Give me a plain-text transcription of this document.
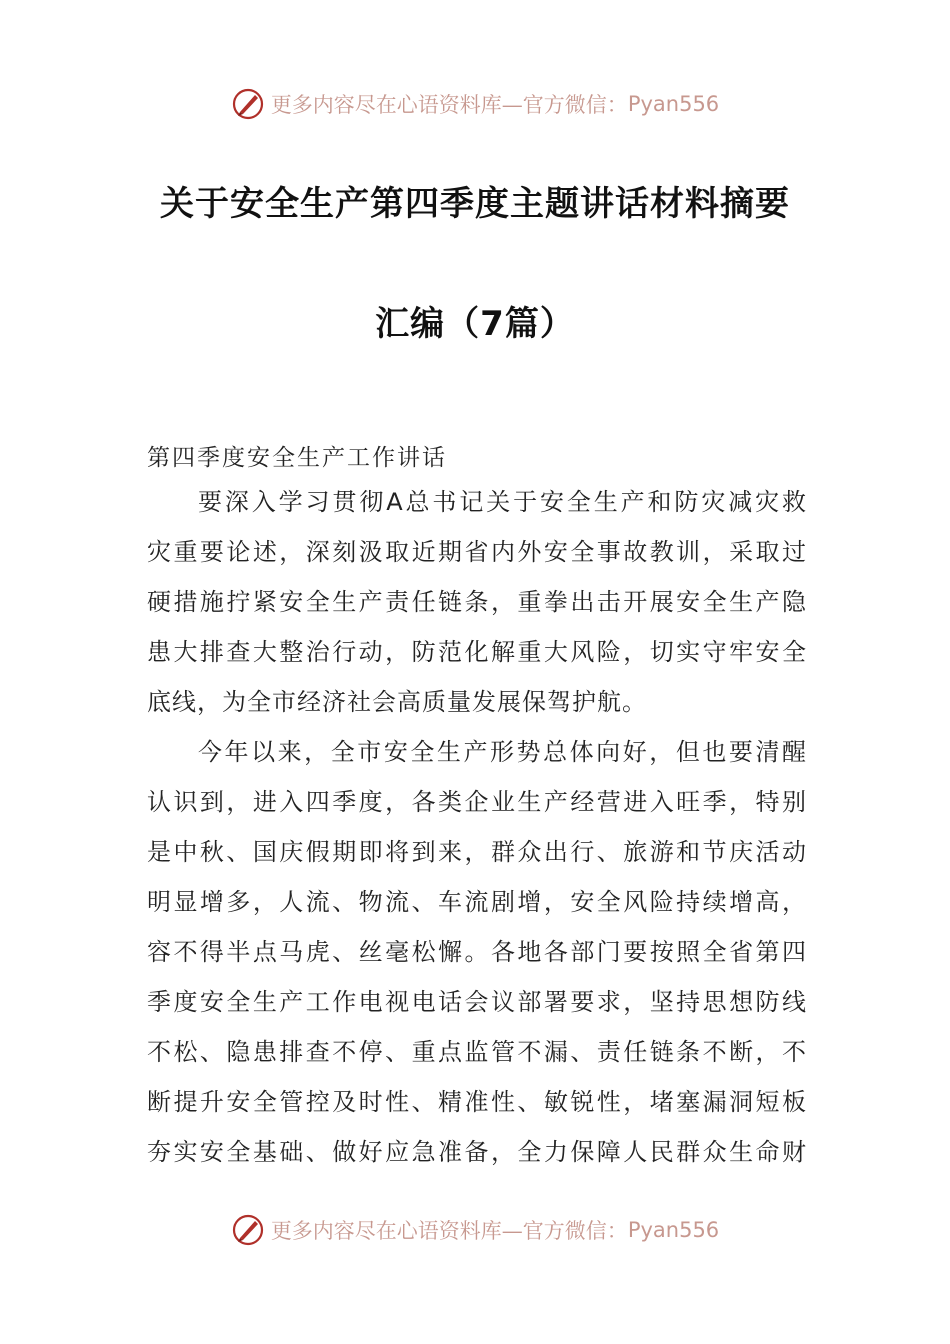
更多内容尽在心语资料库—官方微信： Pyan556
关于安全生产第四季度主题讲话材料摘要
汇编（7篇）
第四季度安全生产工作讲话
要深入学习贯彻A总书记关于安全生产和防灾减灾救
灾重要论述，深刻汲取近期省内外安全事故教训，采取过
硬措施拧紧安全生产责任链条，重拳出击开展安全生产隐
患大排查大整治行动，防范化解重大风险，切实守牢安全
底线，为全市经济社会高质量发展保驾护航。
今年以来，全市安全生产形势总体向好，但也要清醒
认识到，进入四季度，各类企业生产经营进入旺季，特别
是中秋、国庆假期即将到来，群众出行、旅游和节庆活动
明显增多，人流、物流、车流剧增，安全风险持续增高，
容不得半点马虎、丝毫松懈。各地各部门要按照全省第四
季度安全生产工作电视电话会议部署要求，坚持思想防线
不松、隐患排查不停、重点监管不漏、责任链条不断，不
断提升安全管控及时性、精准性、敏锐性，堵塞漏洞短板
夯实安全基础、做好应急准备，全力保障人民群众生命财
更多内容尽在心语资料库—官方微信： Pyan556
